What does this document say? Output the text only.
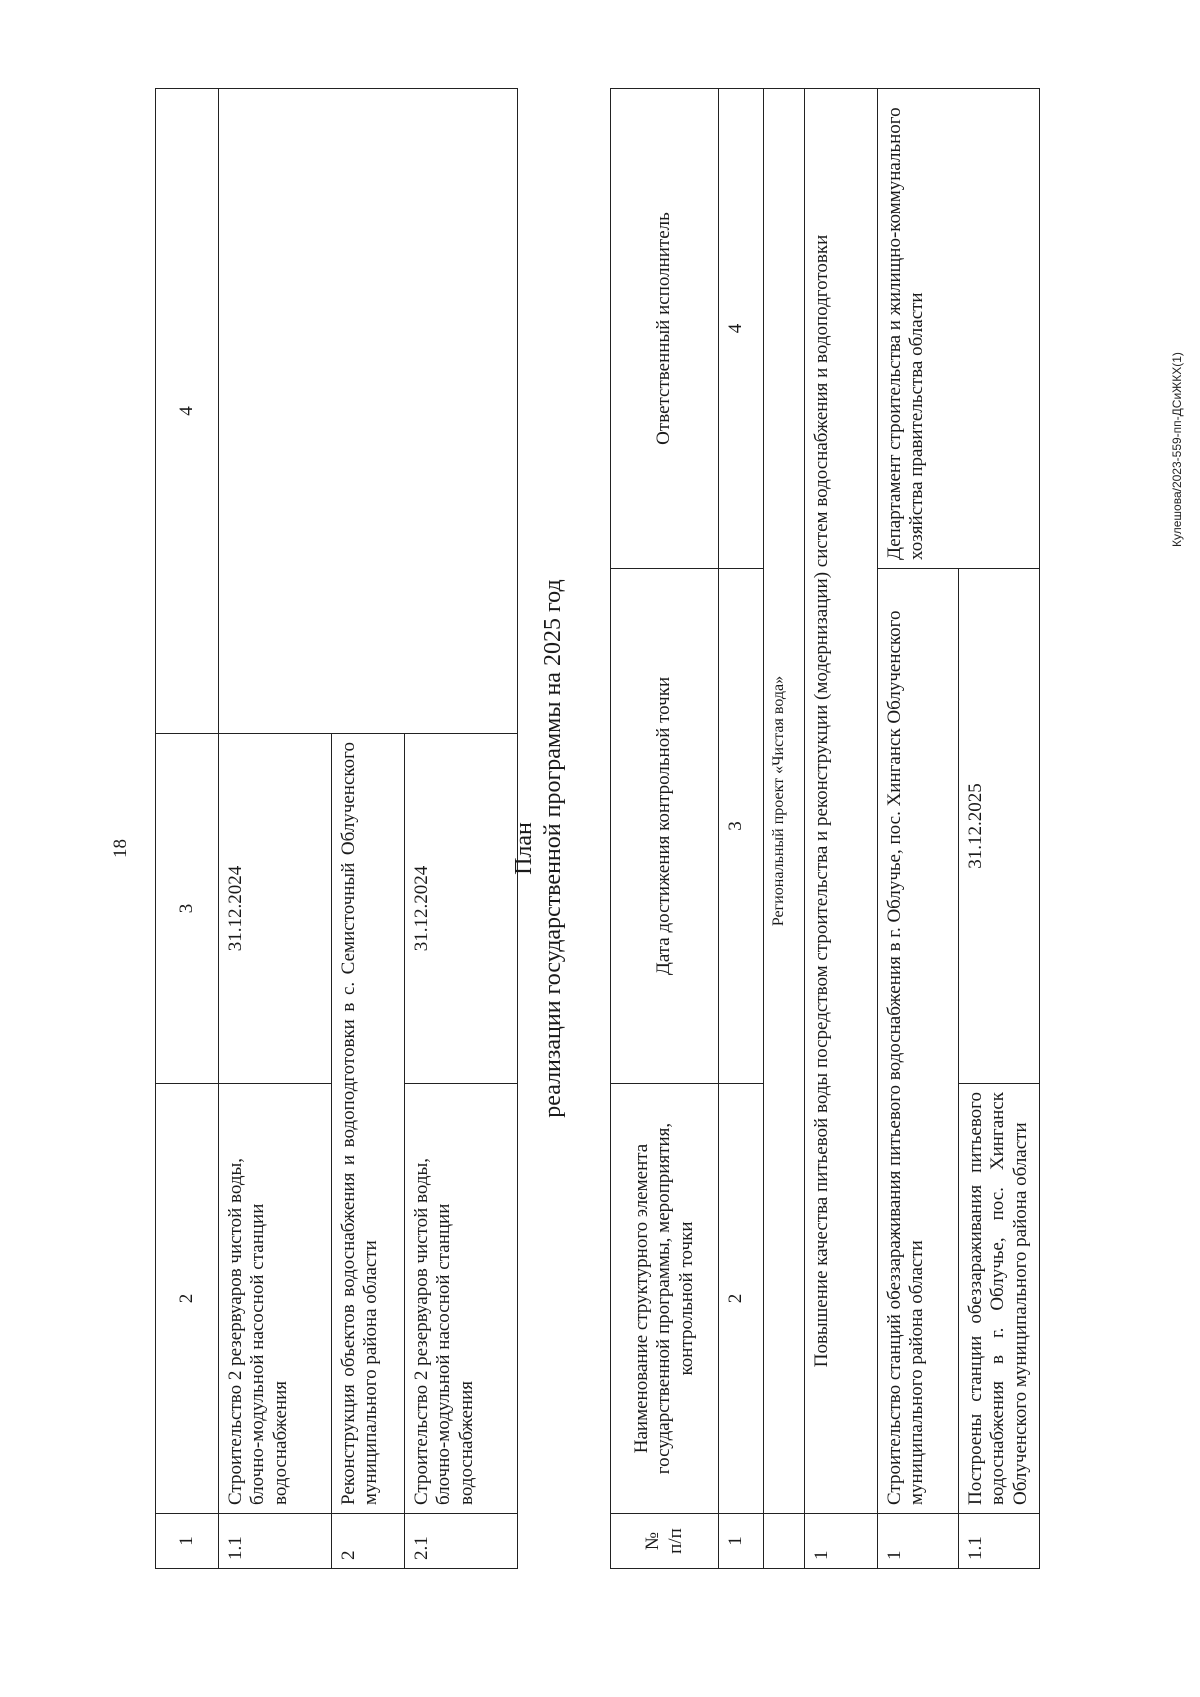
18
1	2	3	4
1.1	Строительство 2 резервуаров чистой воды, блочно-модульной насосной станции водоснабжения	31.12.2024	
2	Реконструкция объектов водоснабжения и водоподготовки в с. Семисточный Облученского муниципального района области		
2.1	Строительство 2 резервуаров чистой воды, блочно-модульной насосной станции водоснабжения	31.12.2024	
План реализации государственной программы на 2025 год
№ п/п	Наименование структурного элемента государственной программы, мероприятия, контрольной точки	Дата достижения контрольной точки	Ответственный исполнитель
1	2	3	4
	Региональный проект «Чистая вода»		
1	Повышение качества питьевой воды посредством строительства и реконструкции (модернизации) систем водоснабжения и водоподготовки		
1	Строительство станций обеззараживания питьевого водоснабжения в г. Облучье, пос. Хинганск Облученского муниципального района области		Департамент строительства и жилищно-коммунального хозяйства правительства области
1.1	Построены станции обеззараживания питьевого водоснабжения в г. Облучье, пос. Хинганск Облученского муниципального района области	31.12.2025	
Кулешова/2023-559-пп-ДСиЖКХ(1)
